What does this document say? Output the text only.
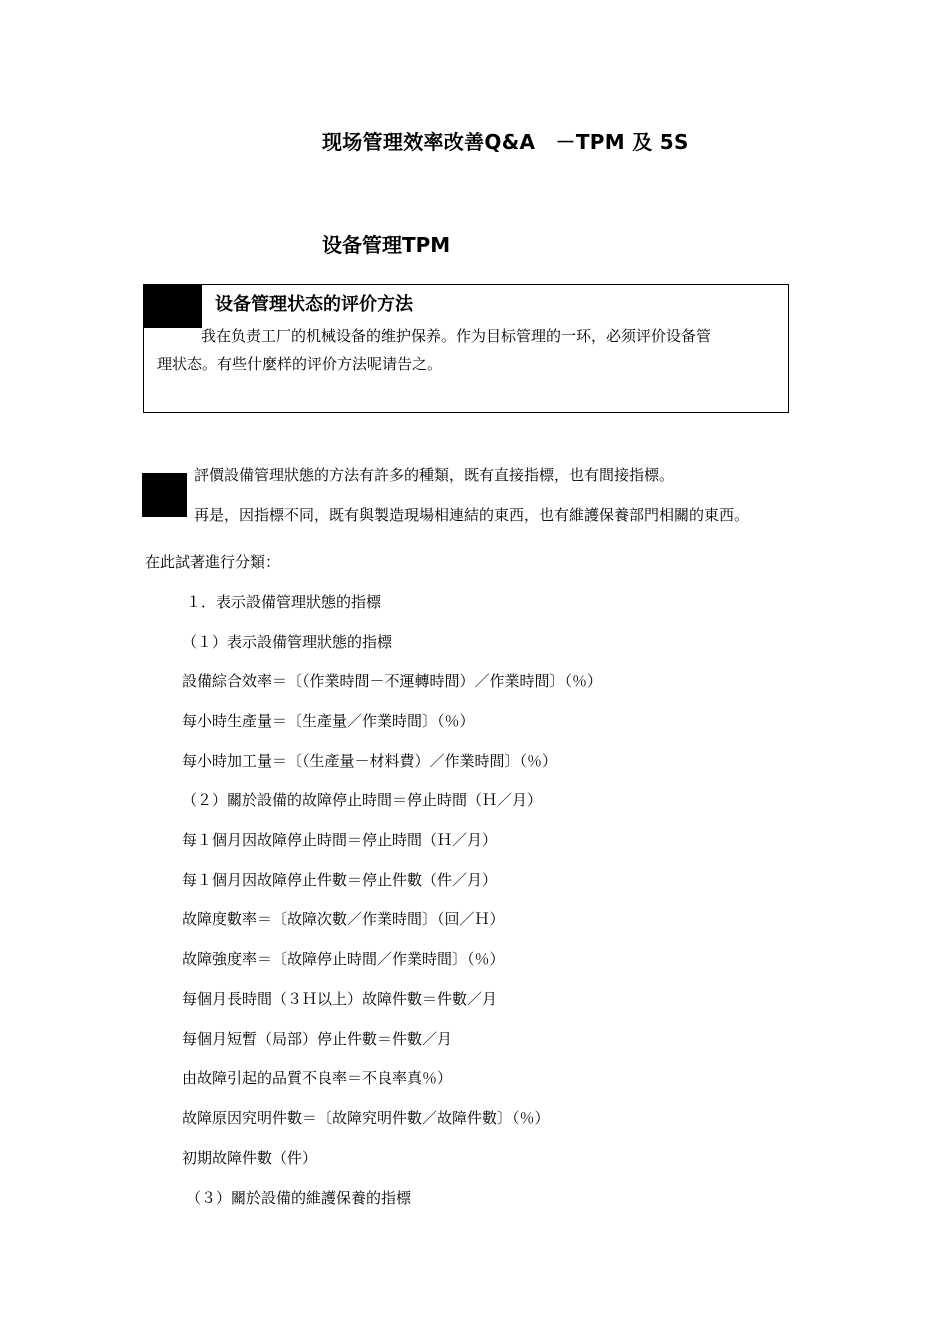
现场管理效率改善Q&A　－TPM 及 5S
设备管理TPM
设备管理状态的评价方法
我在负责工厂的机械设备的维护保养。作为目标管理的一环，必须评价设备管
理状态。有些什麼样的评价方法呢请告之。
評價設備管理狀態的方法有許多的種類，既有直接指標，也有間接指標。
再是，因指標不同，既有與製造現場相連結的東西，也有維護保養部門相關的東西。
在此試著進行分類：
１．表示設備管理狀態的指標
（１）表示設備管理狀態的指標
設備綜合效率＝〔（作業時間－不運轉時間）／作業時間〕（％）
每小時生產量＝〔生產量／作業時間〕（％）
每小時加工量＝〔（生產量－材料費）／作業時間〕（％）
（２）關於設備的故障停止時間＝停止時間（Ｈ／月）
每１個月因故障停止時間＝停止時間（Ｈ／月）
每１個月因故障停止件數＝停止件數（件／月）
故障度數率＝〔故障次數／作業時間〕（回／Ｈ）
故障強度率＝〔故障停止時間／作業時間〕（％）
每個月長時間（３Ｈ以上）故障件數＝件數／月
每個月短暫（局部）停止件數＝件數／月
由故障引起的品質不良率＝不良率真％）
故障原因究明件數＝〔故障究明件數／故障件數〕（％）
初期故障件數（件）
（３）關於設備的維護保養的指標
